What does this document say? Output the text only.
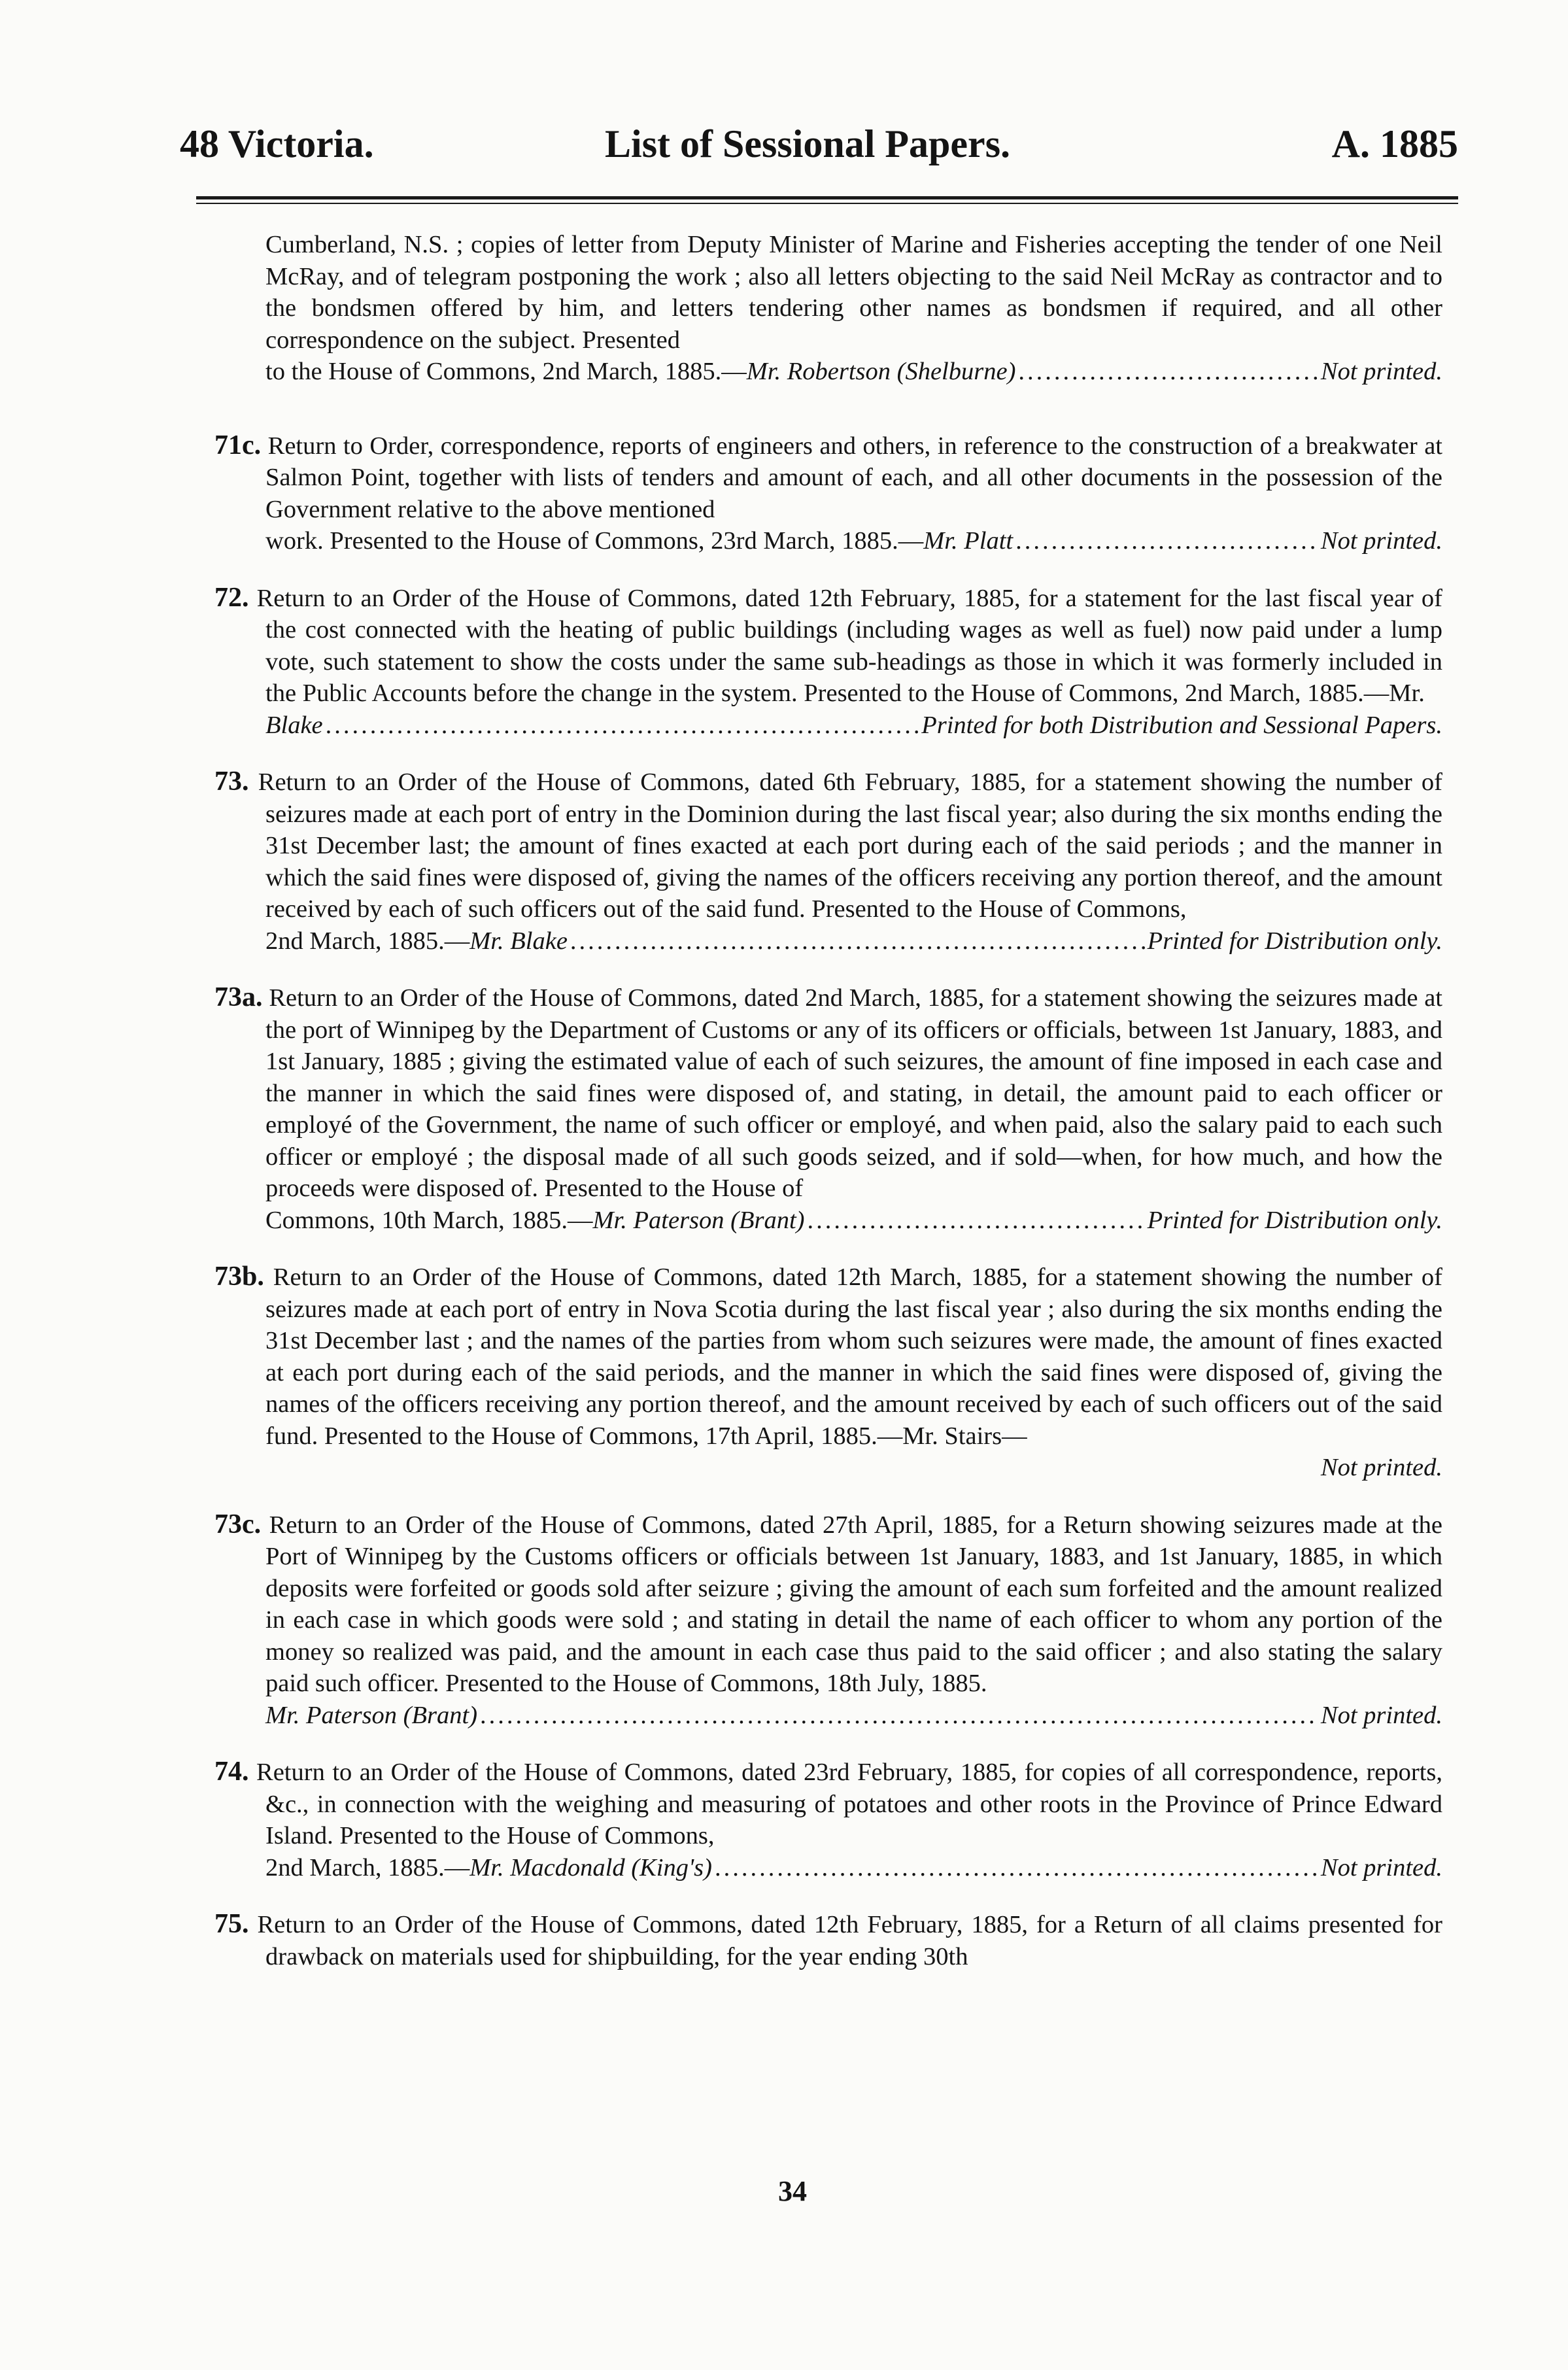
48 Victoria.	List of Sessional Papers.	A. 1885
Cumberland, N.S. ; copies of letter from Deputy Minister of Marine and Fisheries accepting the tender of one Neil McRay, and of telegram postponing the work ; also all letters objecting to the said Neil McRay as contractor and to the bondsmen offered by him, and letters tendering other names as bondsmen if required, and all other correspondence on the subject. Presented
to the House of Commons, 2nd March, 1885.—Mr. Robertson (Shelburne) .....	Not printed.
71c. Return to Order, correspondence, reports of engineers and others, in reference to the construction of a breakwater at Salmon Point, together with lists of tenders and amount of each, and all other documents in the possession of the Government relative to the above mentioned
work. Presented to the House of Commons, 23rd March, 1885.—Mr. Platt .....	Not printed.
72. Return to an Order of the House of Commons, dated 12th February, 1885, for a statement for the last fiscal year of the cost connected with the heating of public buildings (including wages as well as fuel) now paid under a lump vote, such statement to show the costs under the same sub-headings as those in which it was formerly included in the Public Accounts before the change in the system. Presented to the House of Commons, 2nd March, 1885.—Mr.
Blake .....	Printed for both Distribution and Sessional Papers.
73. Return to an Order of the House of Commons, dated 6th February, 1885, for a statement showing the number of seizures made at each port of entry in the Dominion during the last fiscal year; also during the six months ending the 31st December last; the amount of fines exacted at each port during each of the said periods ; and the manner in which the said fines were disposed of, giving the names of the officers receiving any portion thereof, and the amount received by each of such officers out of the said fund. Presented to the House of Commons,
2nd March, 1885.—Mr. Blake .....	Printed for Distribution only.
73a. Return to an Order of the House of Commons, dated 2nd March, 1885, for a statement showing the seizures made at the port of Winnipeg by the Department of Customs or any of its officers or officials, between 1st January, 1883, and 1st January, 1885 ; giving the estimated value of each of such seizures, the amount of fine imposed in each case and the manner in which the said fines were disposed of, and stating, in detail, the amount paid to each officer or employé of the Government, the name of such officer or employé, and when paid, also the salary paid to each such officer or employé ; the disposal made of all such goods seized, and if sold—when, for how much, and how the proceeds were disposed of. Presented to the House of
Commons, 10th March, 1885.—Mr. Paterson (Brant) .....	Printed for Distribution only.
73b. Return to an Order of the House of Commons, dated 12th March, 1885, for a statement showing the number of seizures made at each port of entry in Nova Scotia during the last fiscal year ; also during the six months ending the 31st December last ; and the names of the parties from whom such seizures were made, the amount of fines exacted at each port during each of the said periods, and the manner in which the said fines were disposed of, giving the names of the officers receiving any portion thereof, and the amount received by each of such officers out of the said fund. Presented to the House of Commons, 17th April, 1885.—Mr. Stairs—
Not printed.
73c. Return to an Order of the House of Commons, dated 27th April, 1885, for a Return showing seizures made at the Port of Winnipeg by the Customs officers or officials between 1st January, 1883, and 1st January, 1885, in which deposits were forfeited or goods sold after seizure ; giving the amount of each sum forfeited and the amount realized in each case in which goods were sold ; and stating in detail the name of each officer to whom any portion of the money so realized was paid, and the amount in each case thus paid to the said officer ; and also stating the salary paid such officer. Presented to the House of Commons, 18th July, 1885.
Mr. Paterson (Brant) .....	Not printed.
74. Return to an Order of the House of Commons, dated 23rd February, 1885, for copies of all correspondence, reports, &c., in connection with the weighing and measuring of potatoes and other roots in the Province of Prince Edward Island. Presented to the House of Commons,
2nd March, 1885.—Mr. Macdonald (King's) .....	Not printed.
75. Return to an Order of the House of Commons, dated 12th February, 1885, for a Return of all claims presented for drawback on materials used for shipbuilding, for the year ending 30th
34
